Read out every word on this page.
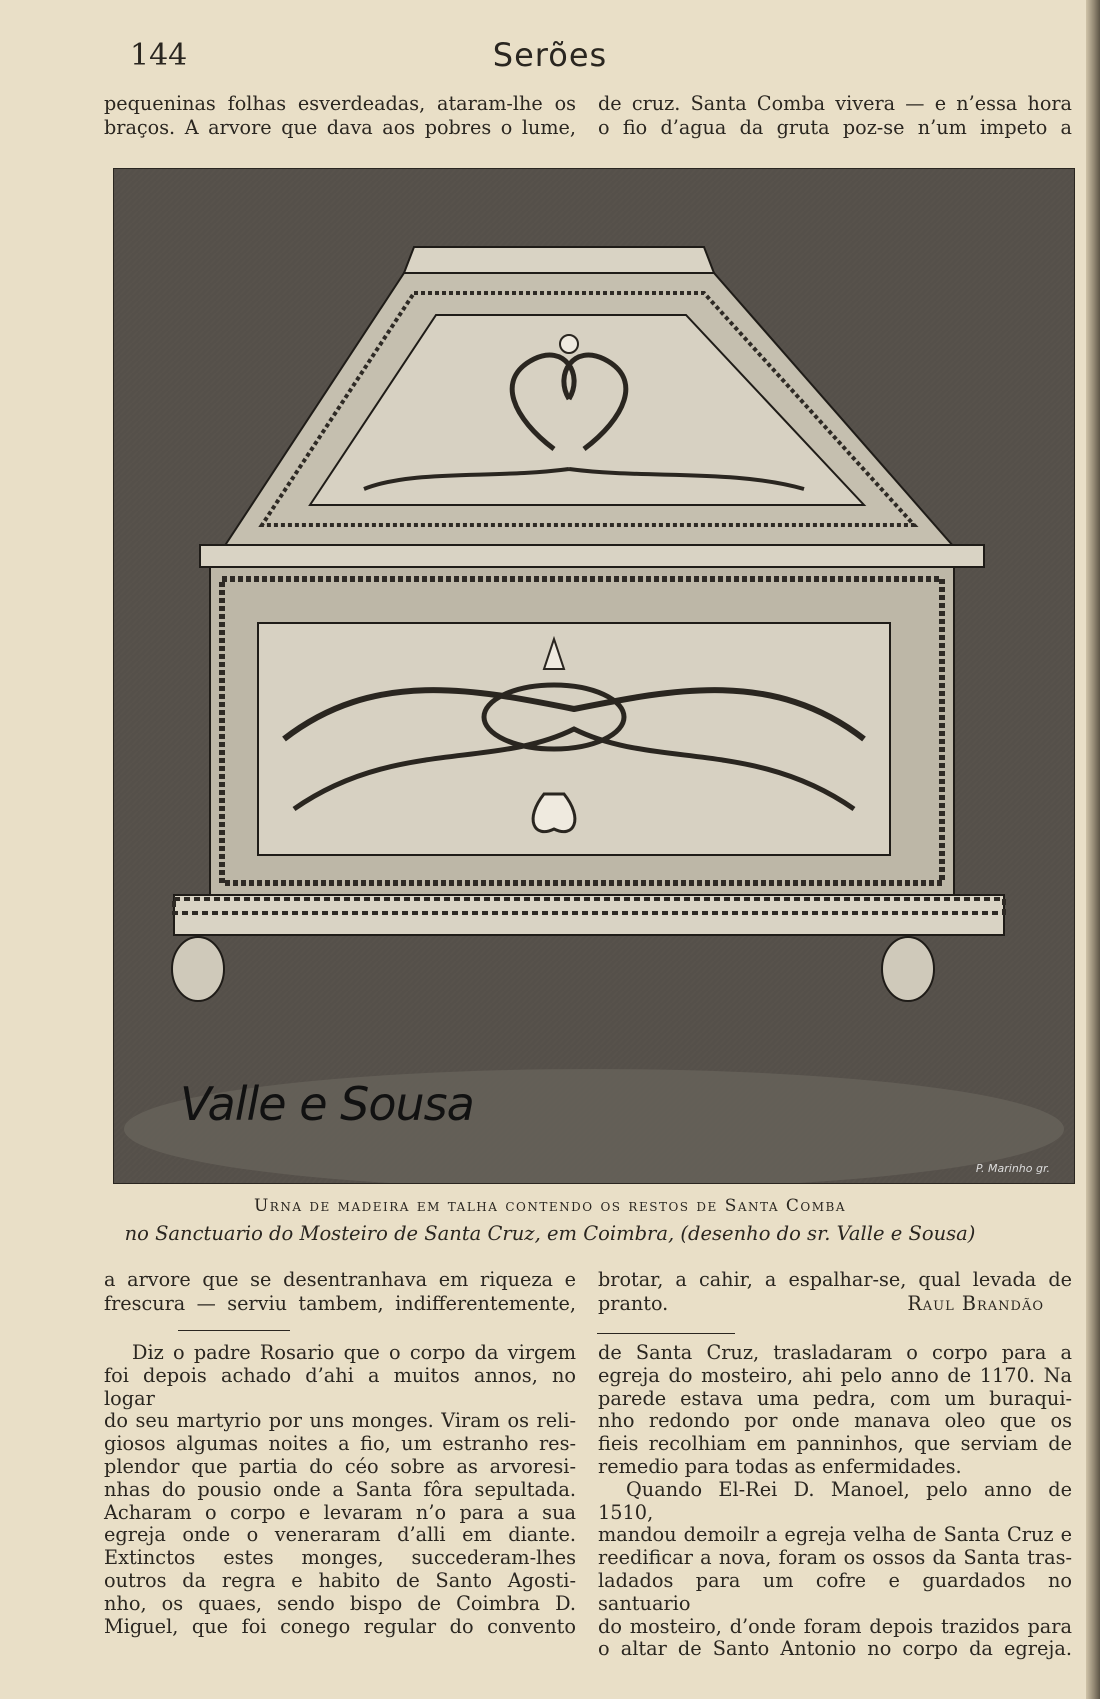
144	Serões

pequeninas folhas esverdeadas, ataram-lhe os

braços. A arvore que dava aos pobres o lume,

de cruz. Santa Comba vivera — e n’essa hora

o fio d’agua da gruta poz-se n’um impeto a

Valle e Sousa
P. Marinho gr.
Urna de madeira em talha contendo os restos de Santa Comba
no Sanctuario do Mosteiro de Santa Cruz, em Coimbra, (desenho do sr. Valle e Sousa)

a arvore que se desentranhava em riqueza e

frescura — serviu tambem, indifferentemente,

brotar, a cahir, a espalhar-se, qual levada de

pranto.	Raul Brandão

Diz o padre Rosario que o corpo da virgem

foi depois achado d’ahi a muitos annos, no logar

do seu martyrio por uns monges. Viram os reli-

giosos algumas noites a fio, um estranho res-

plendor que partia do céo sobre as arvoresi-

nhas do pousio onde a Santa fôra sepultada.

Acharam o corpo e levaram n’o para a sua

egreja onde o veneraram d’alli em diante.

Extinctos estes monges, succederam-lhes

outros da regra e habito de Santo Agosti-

nho, os quaes, sendo bispo de Coimbra D.

Miguel, que foi conego regular do convento

de Santa Cruz, trasladaram o corpo para a

egreja do mosteiro, ahi pelo anno de 1170. Na

parede estava uma pedra, com um buraqui-

nho redondo por onde manava oleo que os

fieis recolhiam em panninhos, que serviam de

remedio para todas as enfermidades.

Quando El-Rei D. Manoel, pelo anno de 1510,

mandou demoilr a egreja velha de Santa Cruz e

reedificar a nova, foram os ossos da Santa tras-

ladados para um cofre e guardados no santuario

do mosteiro, d’onde foram depois trazidos para

o altar de Santo Antonio no corpo da egreja.
